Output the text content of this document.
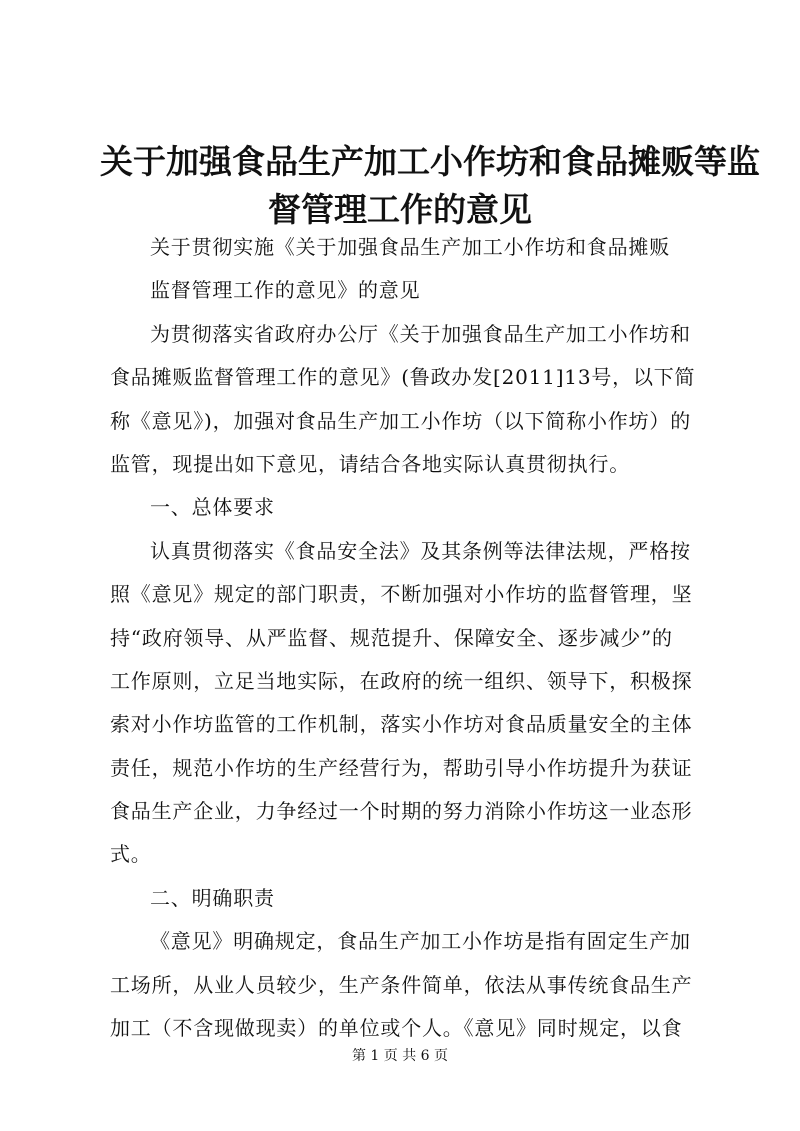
关于加强食品生产加工小作坊和食品摊贩等监
督管理工作的意见
关于贯彻实施《关于加强食品生产加工小作坊和食品摊贩
监督管理工作的意见》的意见
为贯彻落实省政府办公厅《关于加强食品生产加工小作坊和
食品摊贩监督管理工作的意见》(鲁政办发[2011]13号，以下简
称《意见》)，加强对食品生产加工小作坊（以下简称小作坊）的
监管，现提出如下意见，请结合各地实际认真贯彻执行。
一、总体要求
认真贯彻落实《食品安全法》及其条例等法律法规，严格按
照《意见》规定的部门职责，不断加强对小作坊的监督管理，坚
持“政府领导、从严监督、规范提升、保障安全、逐步减少”的
工作原则，立足当地实际，在政府的统一组织、领导下，积极探
索对小作坊监管的工作机制，落实小作坊对食品质量安全的主体
责任，规范小作坊的生产经营行为，帮助引导小作坊提升为获证
食品生产企业，力争经过一个时期的努力消除小作坊这一业态形
式。
二、明确职责
《意见》明确规定，食品生产加工小作坊是指有固定生产加
工场所，从业人员较少，生产条件简单，依法从事传统食品生产
加工（不含现做现卖）的单位或个人。《意见》同时规定，以食
第 1 页 共 6 页
